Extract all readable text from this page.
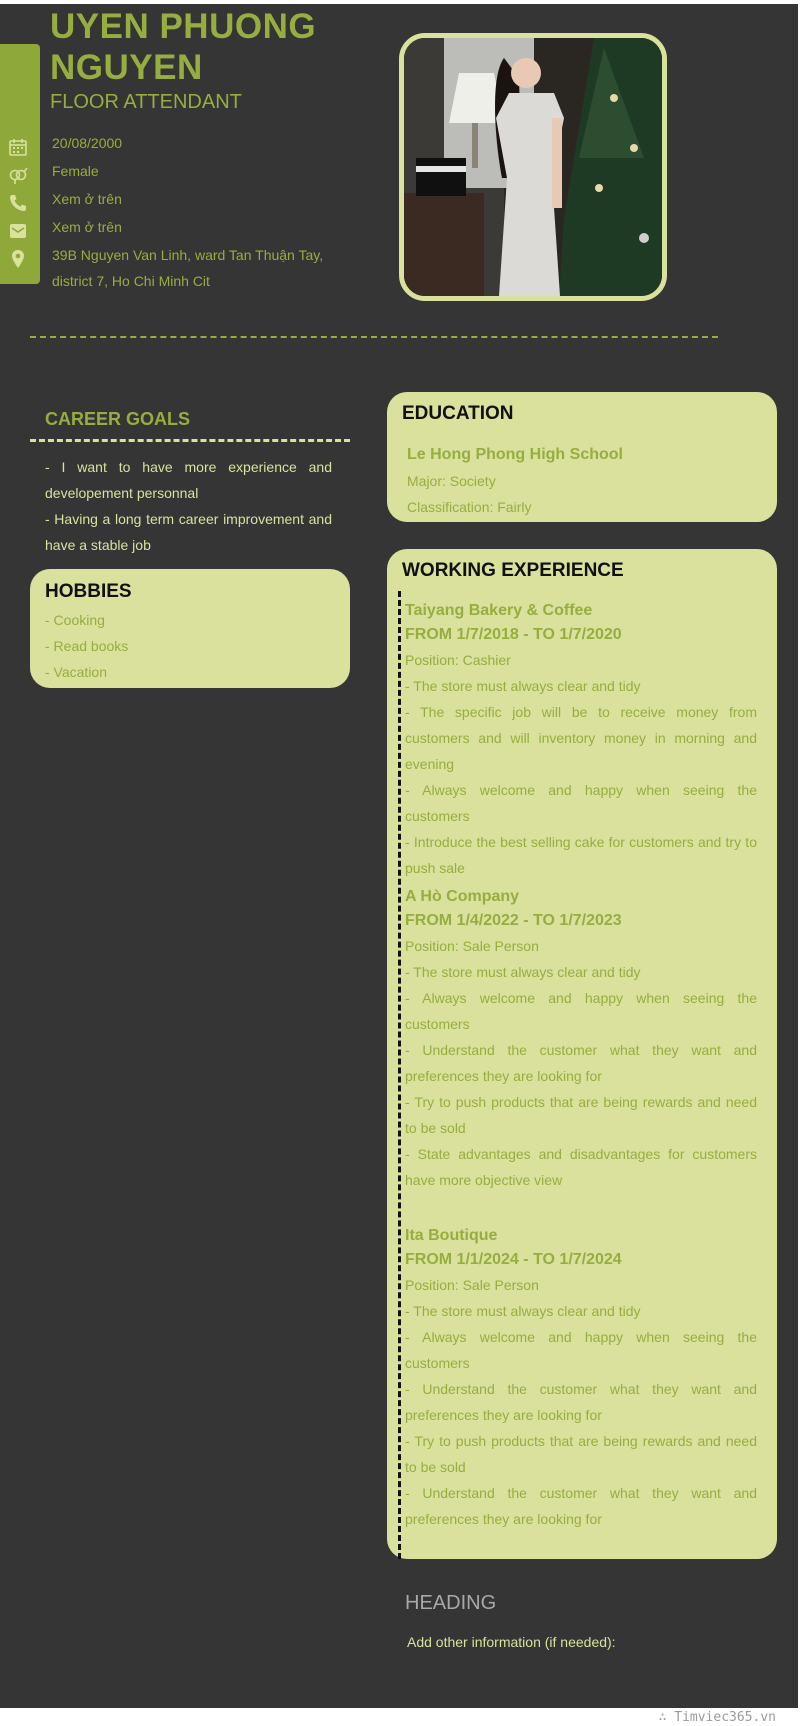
UYEN PHUONG NGUYEN
FLOOR ATTENDANT
20/08/2000
Female
Xem ở trên
Xem ở trên
39B Nguyen Van Linh, ward Tan Thuận Tay, district 7, Ho Chi Minh Cit
CAREER GOALS
- I want to have more experience and developement personnal
- Having a long term career improvement and have a stable job
HOBBIES
- Cooking
- Read books
- Vacation
EDUCATION
Le Hong Phong High School
Major: Society
Classification: Fairly
WORKING EXPERIENCE
Taiyang Bakery & Coffee
FROM 1/7/2018 - TO 1/7/2020
Position: Cashier
- The store must always clear and tidy
- The specific job will be to receive money from customers and will inventory money in morning and evening
- Always welcome and happy when seeing the customers
- Introduce the best selling cake for customers and try to push sale
A Hò Company
FROM 1/4/2022 - TO 1/7/2023
Position: Sale Person
- The store must always clear and tidy
- Always welcome and happy when seeing the customers
- Understand the customer what they want and preferences they are looking for
- Try to push products that are being rewards and need to be sold
- State advantages and disadvantages for customers have more objective view
Ita Boutique
FROM 1/1/2024 - TO 1/7/2024
Position: Sale Person
- The store must always clear and tidy
- Always welcome and happy when seeing the customers
- Understand the customer what they want and preferences they are looking for
- Try to push products that are being rewards and need to be sold
- Understand the customer what they want and preferences they are looking for
HEADING
Add other information (if needed):
∴ Timviec365.vn
